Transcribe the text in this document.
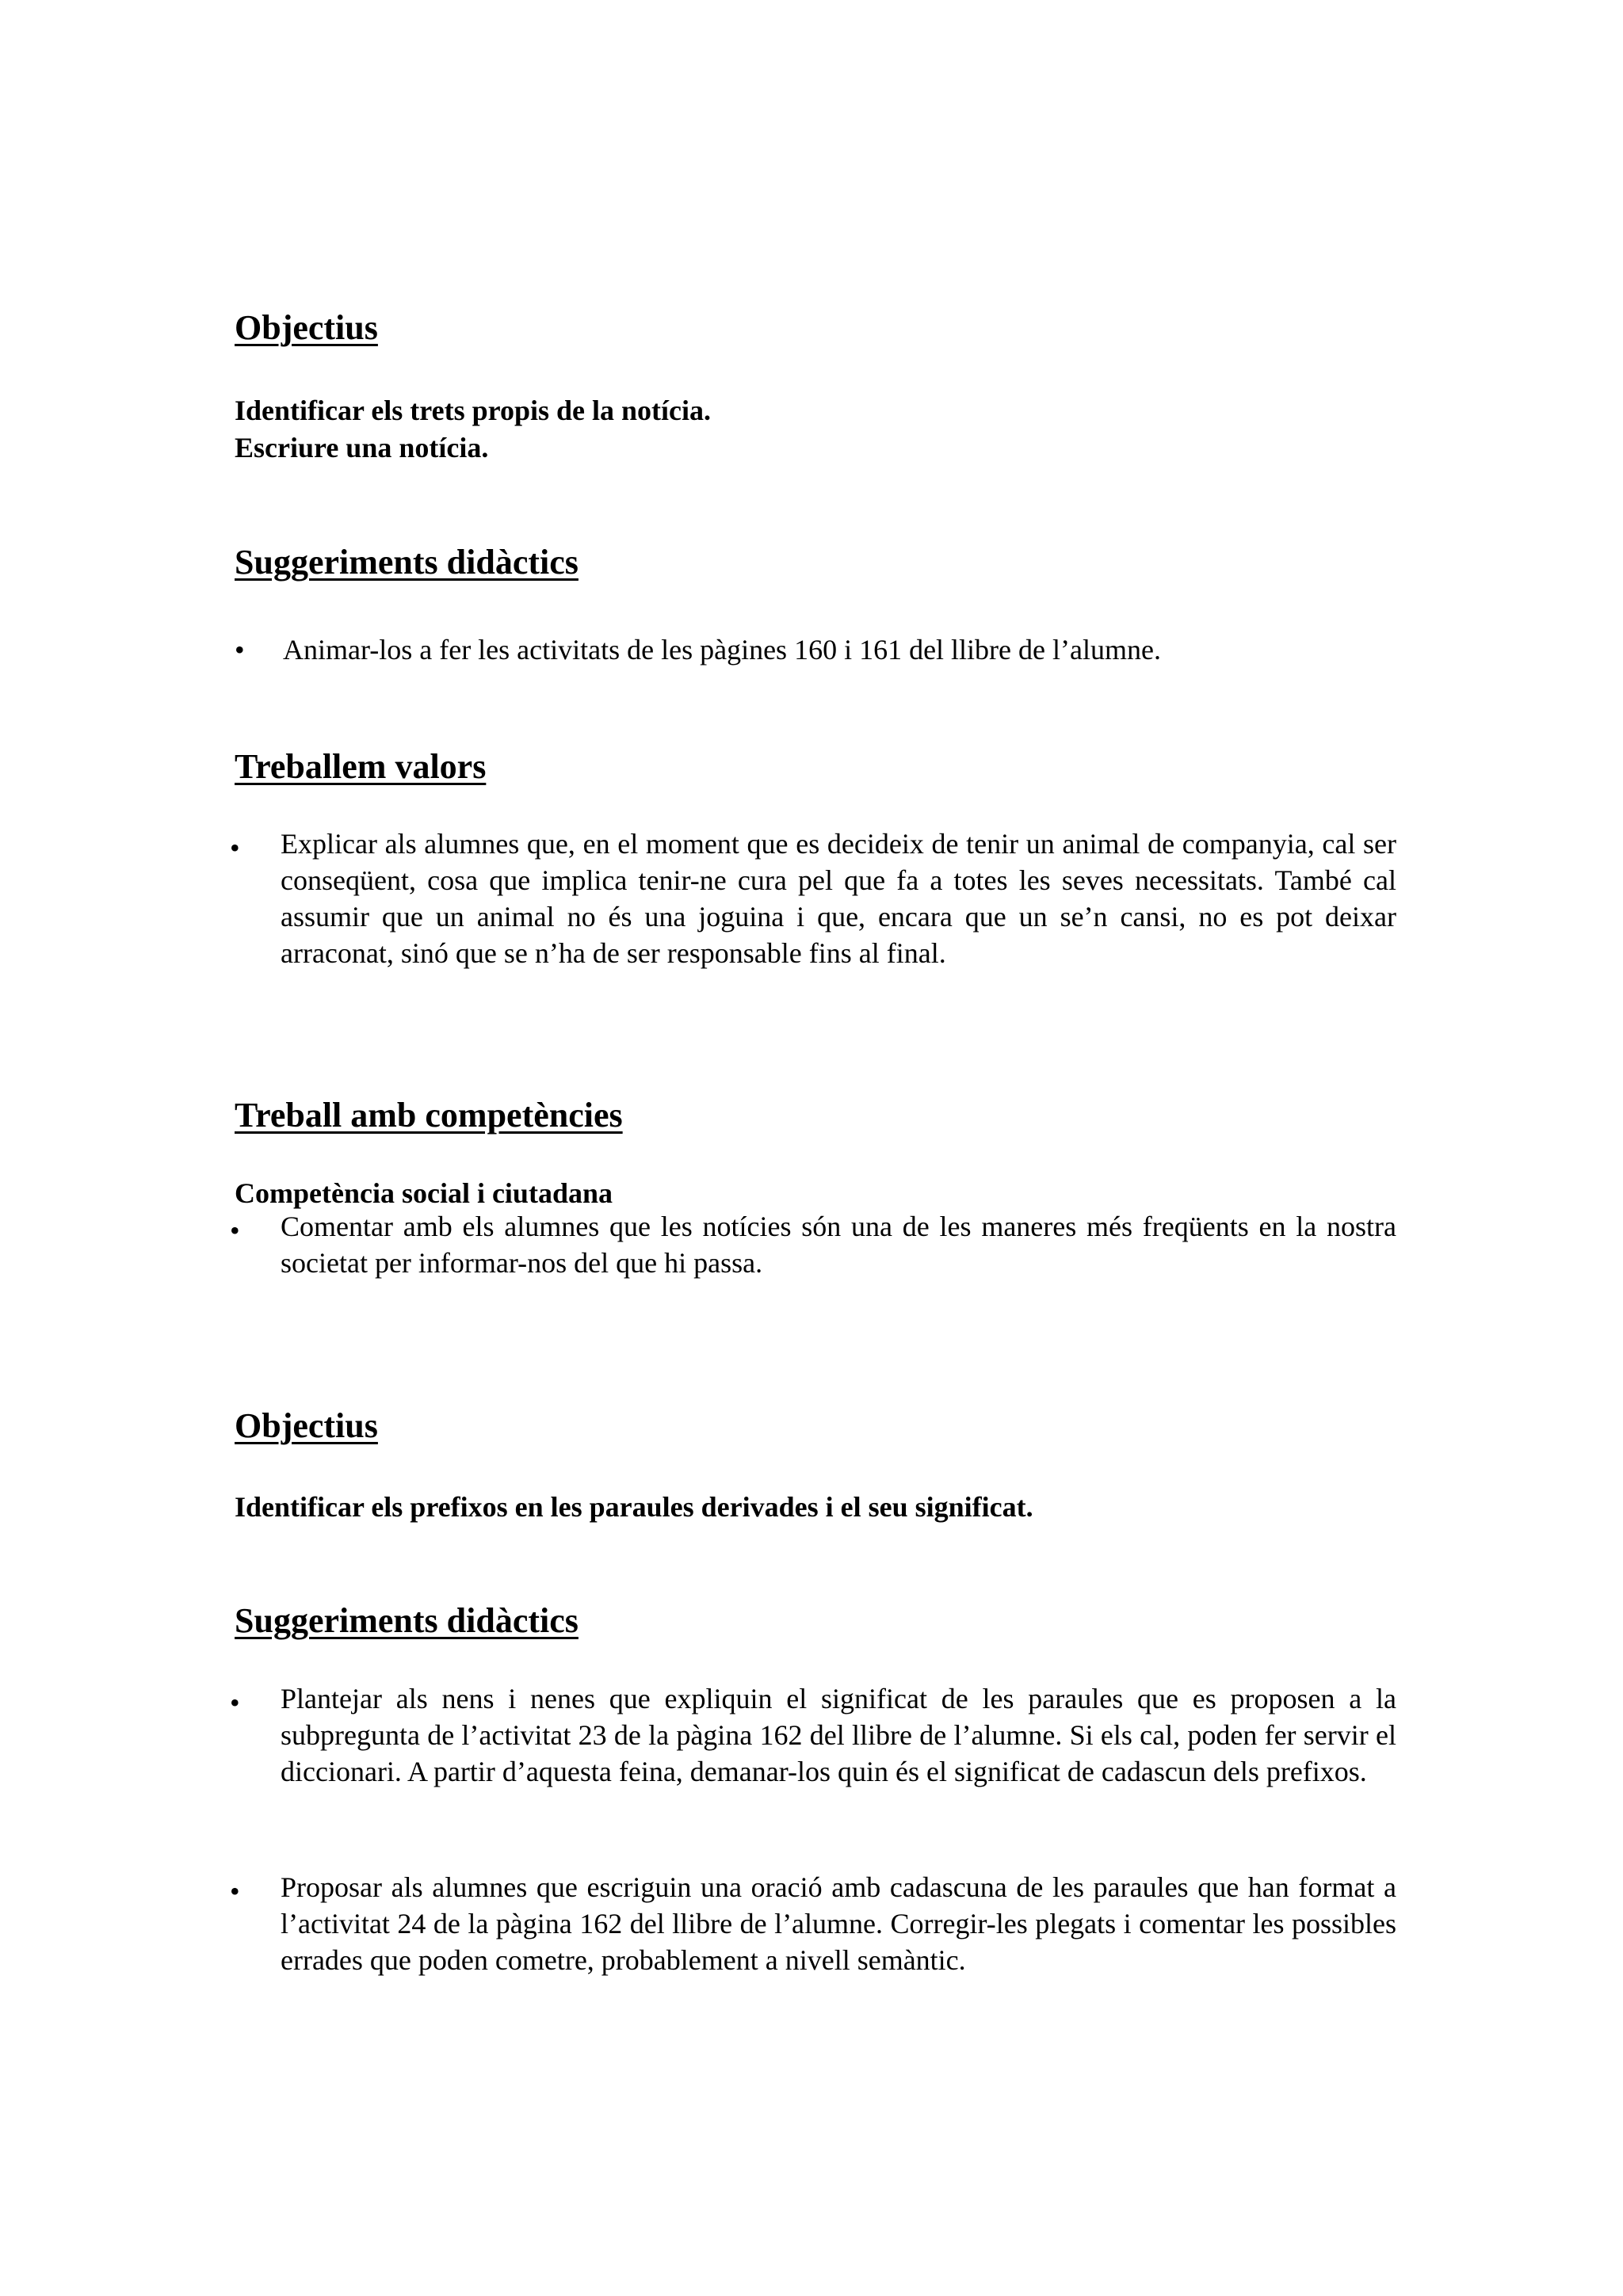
Objectius

Identificar els trets propis de la notícia.

Escriure una notícia.

Suggeriments didàctics
• Animar-los a fer les activitats de les pàgines 160 i 161 del llibre de l’alumne.

Treballem valors
• Explicar als alumnes que, en el moment que es decideix de tenir un animal de companyia, cal ser conseqüent, cosa que implica tenir-ne cura pel que fa a totes les seves necessitats. També cal assumir que un animal no és una joguina i que, encara que un se’n cansi, no es pot deixar arraconat, sinó que se n’ha de ser responsable fins al final.

Treball amb competències

Competència social i ciutadana

• Comentar amb els alumnes que les notícies són una de les maneres més freqüents en la nostra societat per informar-nos del que hi passa.

Objectius

Identificar els prefixos en les paraules derivades i el seu significat.

Suggeriments didàctics
• Plantejar als nens i nenes que expliquin el significat de les paraules que es proposen a la subpregunta de l’activitat 23 de la pàgina 162 del llibre de l’alumne. Si els cal, poden fer servir el diccionari. A partir d’aquesta feina, demanar-los quin és el significat de cadascun dels prefixos.

• Proposar als alumnes que escriguin una oració amb cadascuna de les paraules que han format a l’activitat 24 de la pàgina 162 del llibre de l’alumne. Corregir-les plegats i comentar les possibles errades que poden cometre, probablement a nivell semàntic.
